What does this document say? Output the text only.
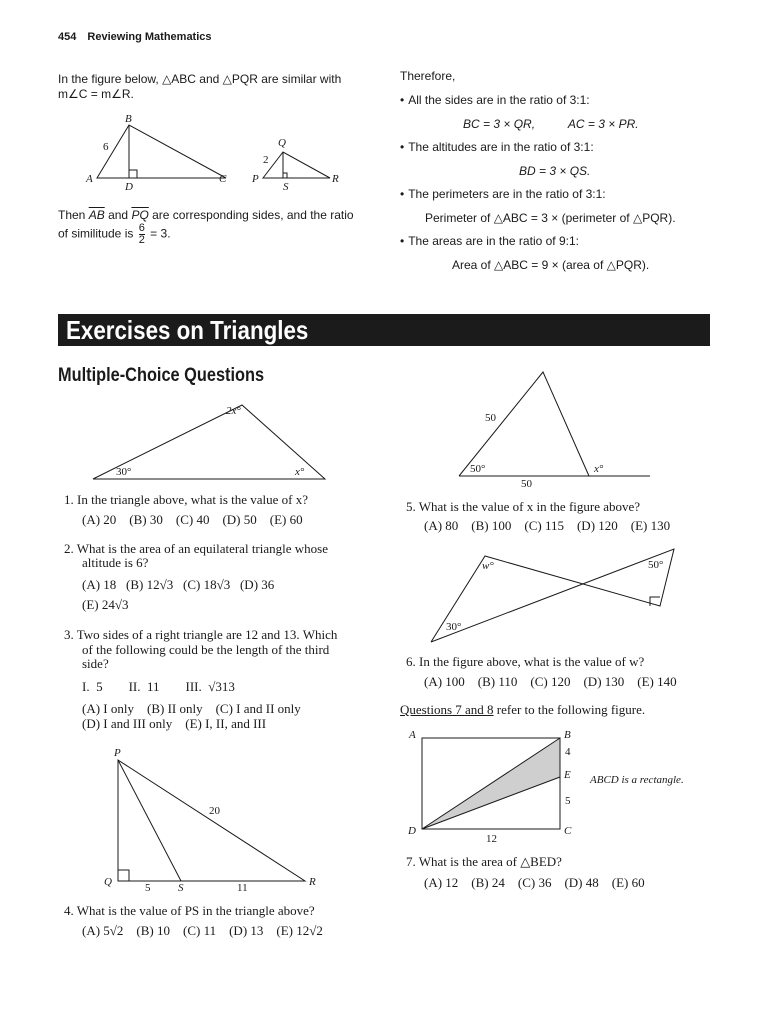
454 Reviewing Mathematics
In the figure below, △ABC and △PQR are similar with
m∠C = m∠R.
B
A
D
C
6	Q
P
S
R
2
Then $\overline{AB}$ and $\overline{PQ}$ are corresponding sides, and the ratio
of similitude is $\frac{6}{2} = 3$.
Therefore,
• All the sides are in the ratio of 3:1:
BC = 3 × QR,          AC = 3 × PR.
• The altitudes are in the ratio of 3:1:
BD = 3 × QS.
• The perimeters are in the ratio of 3:1:
Perimeter of △ABC = 3 × (perimeter of △PQR).
• The areas are in the ratio of 9:1:
Area of △ABC = 9 × (area of △PQR).
Exercises on Triangles
Multiple-Choice Questions
2x°
30°	x°
1. In the triangle above, what is the value of x?
(A) 20    (B) 30    (C) 40    (D) 50    (E) 60
2. What is the area of an equilateral triangle whose
altitude is 6?
(A) 18   (B) 12√3   (C) 18√3   (D) 36
(E) 24√3
3. Two sides of a right triangle are 12 and 13. Which
of the following could be the length of the third
side?
I.  5        II.  11        III.  √313
(A) I only    (B) II only    (C) I and II only
(D) I and III only    (E) I, II, and III
P
Q	S	R
20
5	11
4. What is the value of PS in the triangle above?
(A) 5√2    (B) 10    (C) 11    (D) 13    (E) 12√2
50
50°	x°
50
5. What is the value of x in the figure above?
(A) 80    (B) 100    (C) 115    (D) 120    (E) 130
w°	50°
30°
6. In the figure above, what is the value of w?
(A) 100    (B) 110    (C) 120    (D) 130    (E) 140
Questions 7 and 8 refer to the following figure.
A	B
E
C
D
4
5
12
ABCD is a rectangle.
7. What is the area of △BED?
(A) 12    (B) 24    (C) 36    (D) 48    (E) 60
